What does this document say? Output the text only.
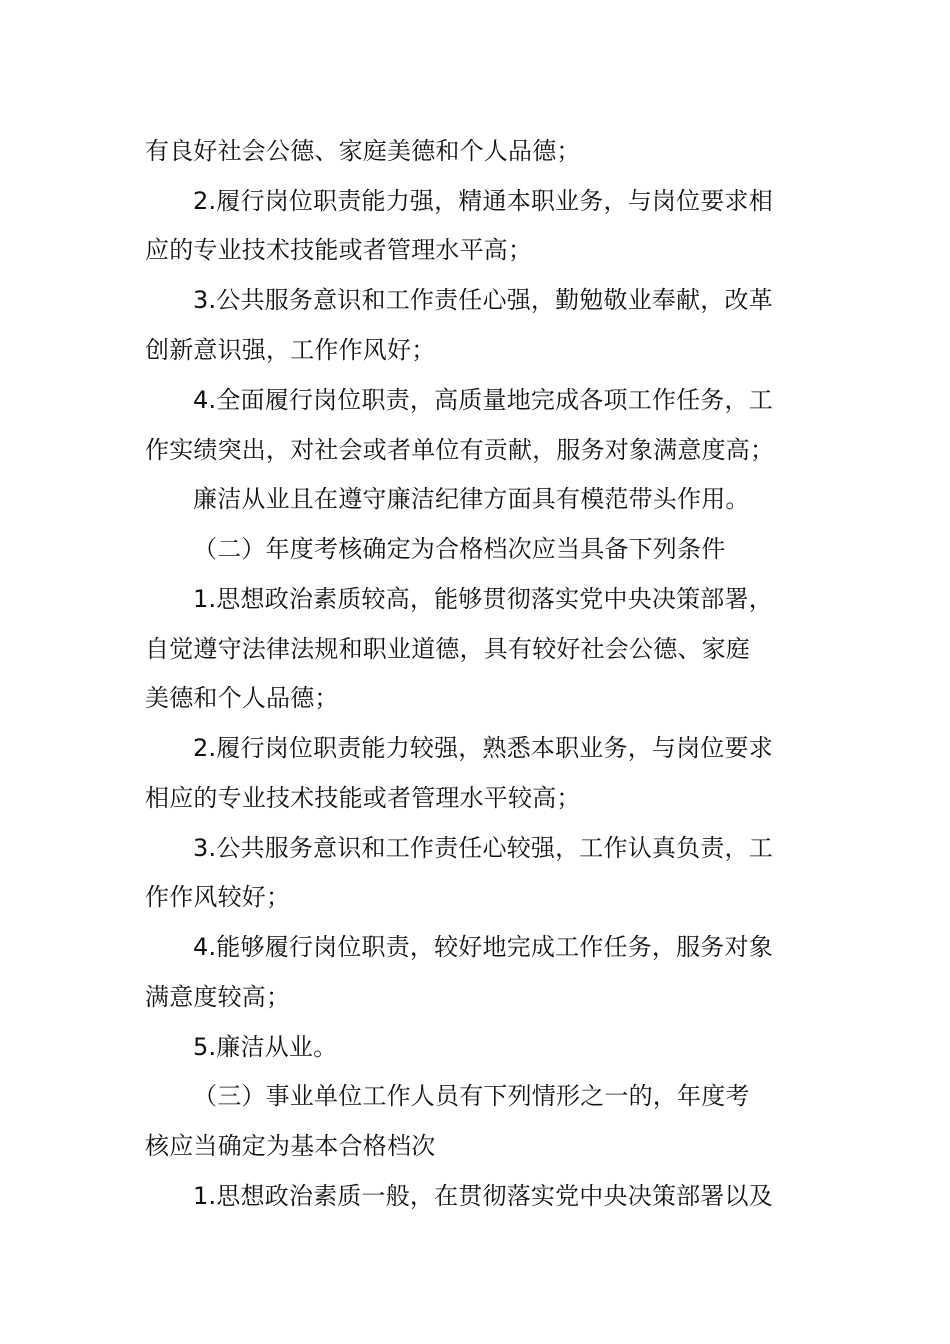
有良好社会公德、家庭美德和个人品德；
2.履行岗位职责能力强，精通本职业务，与岗位要求相
应的专业技术技能或者管理水平高；
3.公共服务意识和工作责任心强，勤勉敬业奉献，改革
创新意识强，工作作风好；
4.全面履行岗位职责，高质量地完成各项工作任务，工
作实绩突出，对社会或者单位有贡献，服务对象满意度高；
廉洁从业且在遵守廉洁纪律方面具有模范带头作用。
（二）年度考核确定为合格档次应当具备下列条件
1.思想政治素质较高，能够贯彻落实党中央决策部署，
自觉遵守法律法规和职业道德，具有较好社会公德、家庭
美德和个人品德；
2.履行岗位职责能力较强，熟悉本职业务，与岗位要求
相应的专业技术技能或者管理水平较高；
3.公共服务意识和工作责任心较强，工作认真负责，工
作作风较好；
4.能够履行岗位职责，较好地完成工作任务，服务对象
满意度较高；
5.廉洁从业。
（三）事业单位工作人员有下列情形之一的，年度考
核应当确定为基本合格档次
1.思想政治素质一般，在贯彻落实党中央决策部署以及
